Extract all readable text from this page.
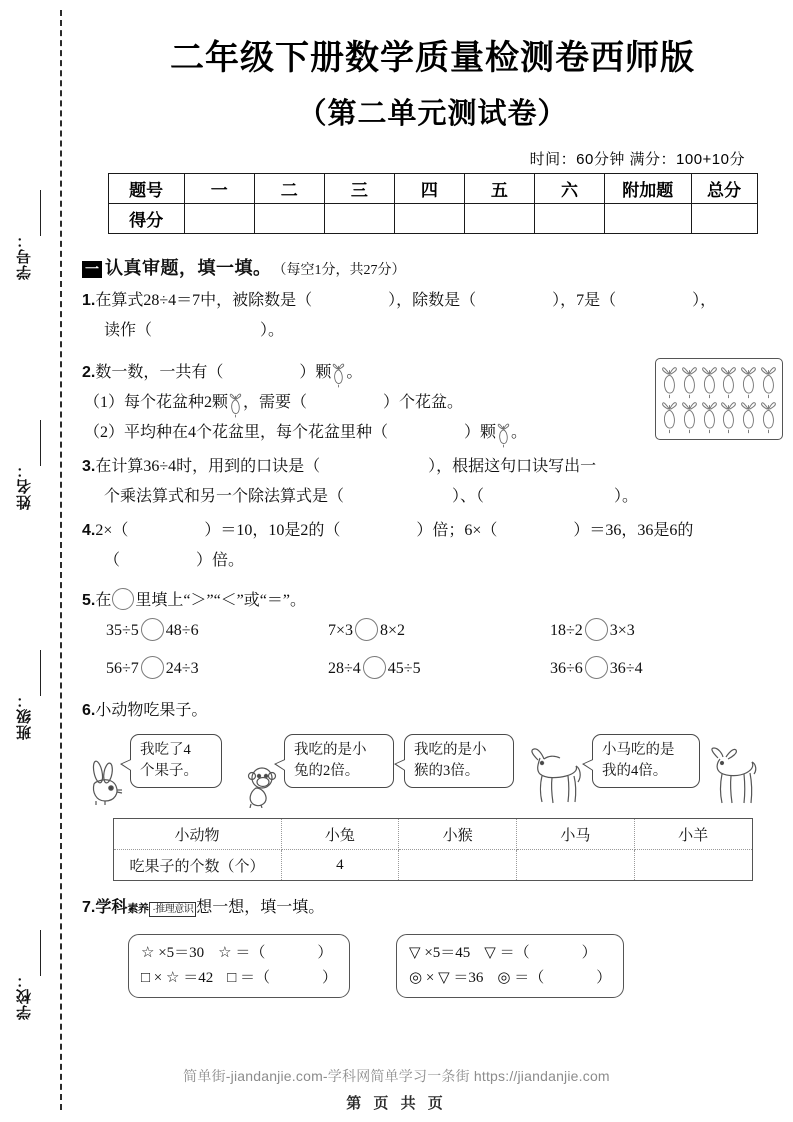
学号：
姓名：
班级：
学校：
二年级下册数学质量检测卷西师版
（第二单元测试卷）
时间：60分钟 满分：100+10分
题号	一	二	三	四	五	六	附加题	总分
得分								
一 认真审题，填一填。 （每空1分，共27分）
1.在算式28÷4＝7中，被除数是（	），除数是（	），7是（	），
读作（	）。
2.数一数，一共有（	）颗 。
（1）每个花盆种2颗 ，需要（	）个花盆。
（2）平均种在4个花盆里，每个花盆里种（	）颗 。
3.在计算36÷4时，用到的口诀是（	），根据这句口诀写出一
个乘法算式和另一个除法算式是（	）、（	）。
4.2×（	）＝10，10是2的（	）倍；6×（	）＝36，36是6的
（	）倍。
5.在 里填上“＞”“＜”或“＝”。
35÷5 48÷6	7×3 8×2	18÷2 3×3
56÷7 24÷3	28÷4 45÷5	36÷6 36÷4
6.小动物吃果子。
我吃了4
个果子。
我吃的是小
兔的2倍。
我吃的是小
猴的3倍。
小马吃的是
我的4倍。
小动物	小兔	小猴	小马	小羊
吃果子的个数（个）	4			
7.学科 素养 ·推理意识 想一想，填一填。
☆ ×5＝30 ☆ ＝（	）
□ × ☆ ＝42 □ ＝（	）
▽ ×5＝45 ▽ ＝（	）
◎ × ▽ ＝36 ◎ ＝（	）
简单街-jiandanjie.com-学科网简单学习一条街 https://jiandanjie.com
第 页 共 页
